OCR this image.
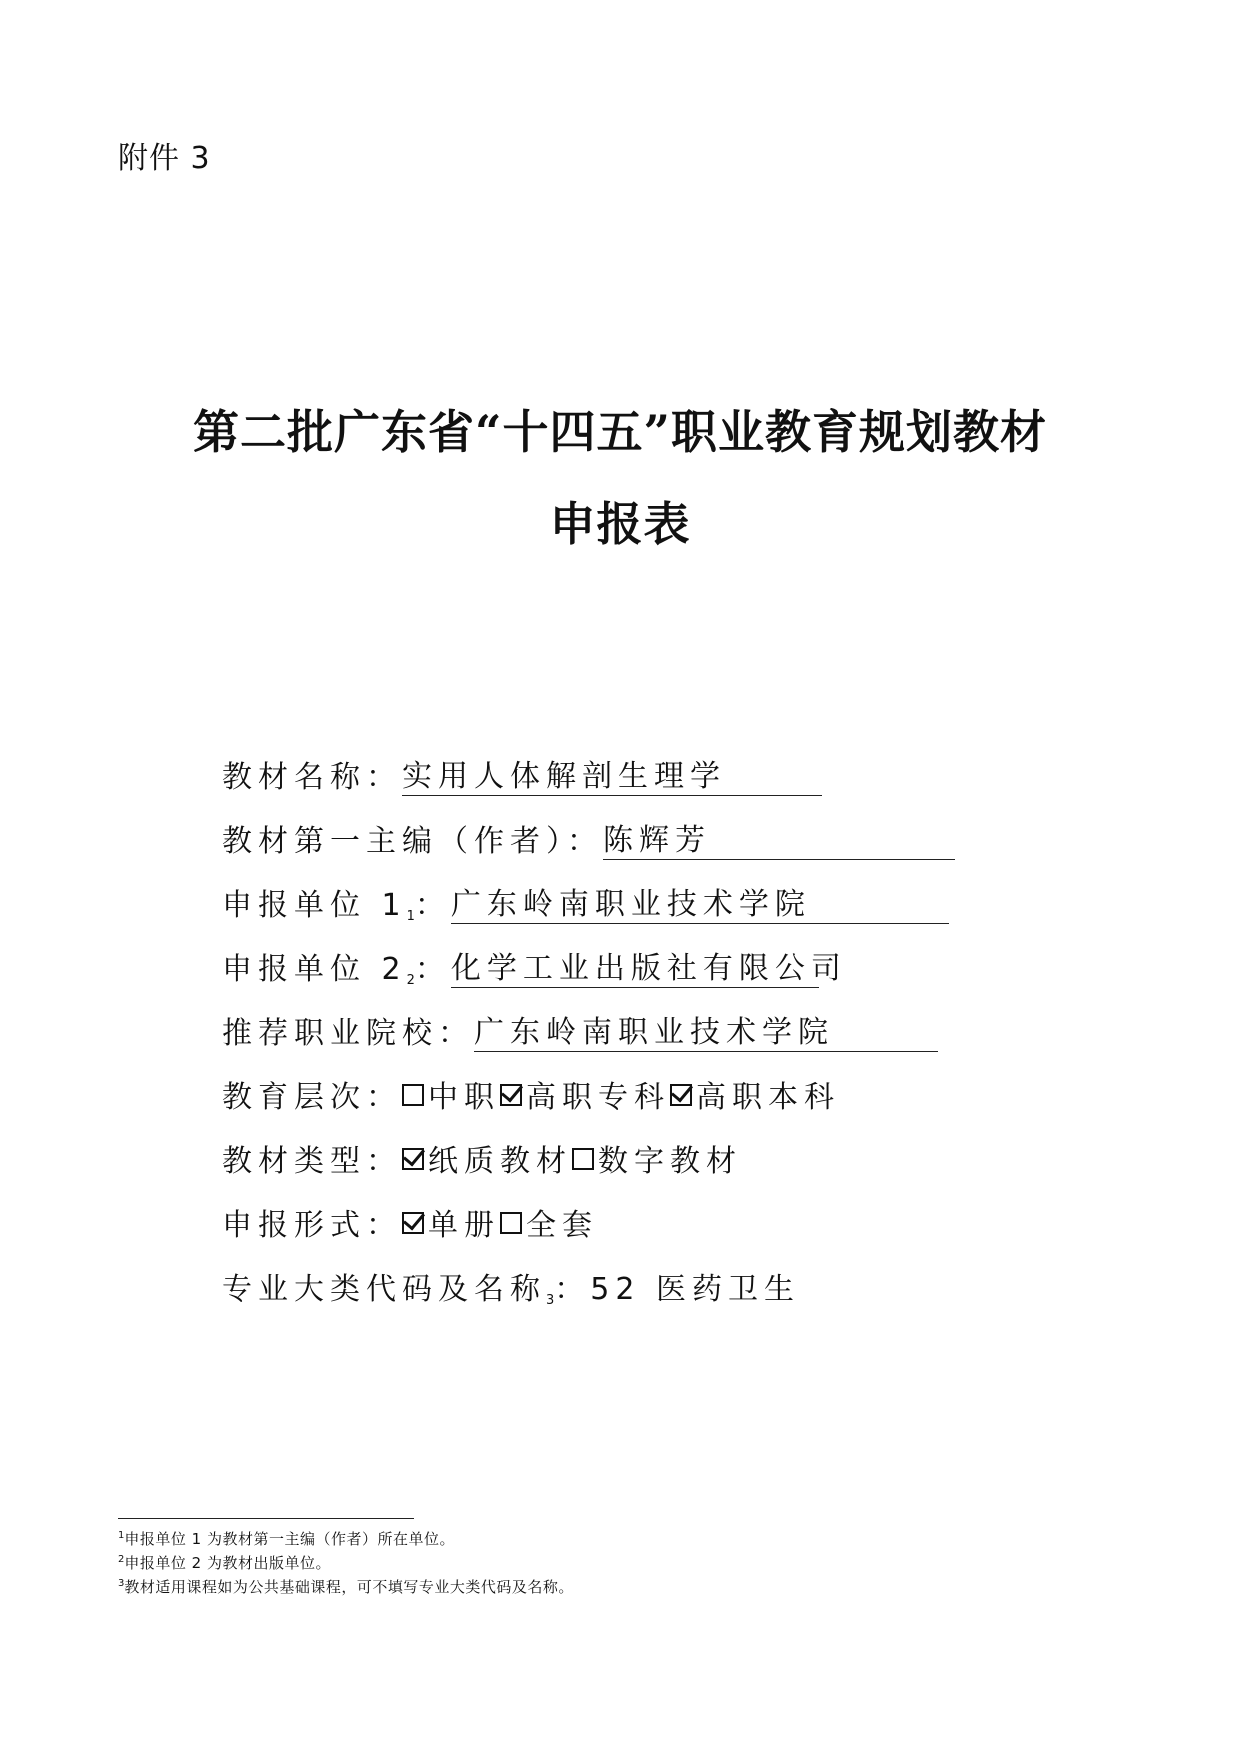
附件 3
第二批广东省“十四五”职业教育规划教材
申报表
教材名称： 实用人体解剖生理学
教材第一主编（作者）： 陈辉芳
申报单位 $1_1$ ： 广东岭南职业技术学院
申报单位 $2_2$ ： 化学工业出版社有限公司
推荐职业院校： 广东岭南职业技术学院
教育层次： 中职 高职专科 高职本科
教材类型： 纸质教材 数字教材
申报形式： 单册 全套
专业大类代码及名称$_3$ ： 52 医药卫生
$^1$申报单位 1 为教材第一主编（作者）所在单位。
$^2$申报单位 2 为教材出版单位。
$^3$教材适用课程如为公共基础课程，可不填写专业大类代码及名称。
